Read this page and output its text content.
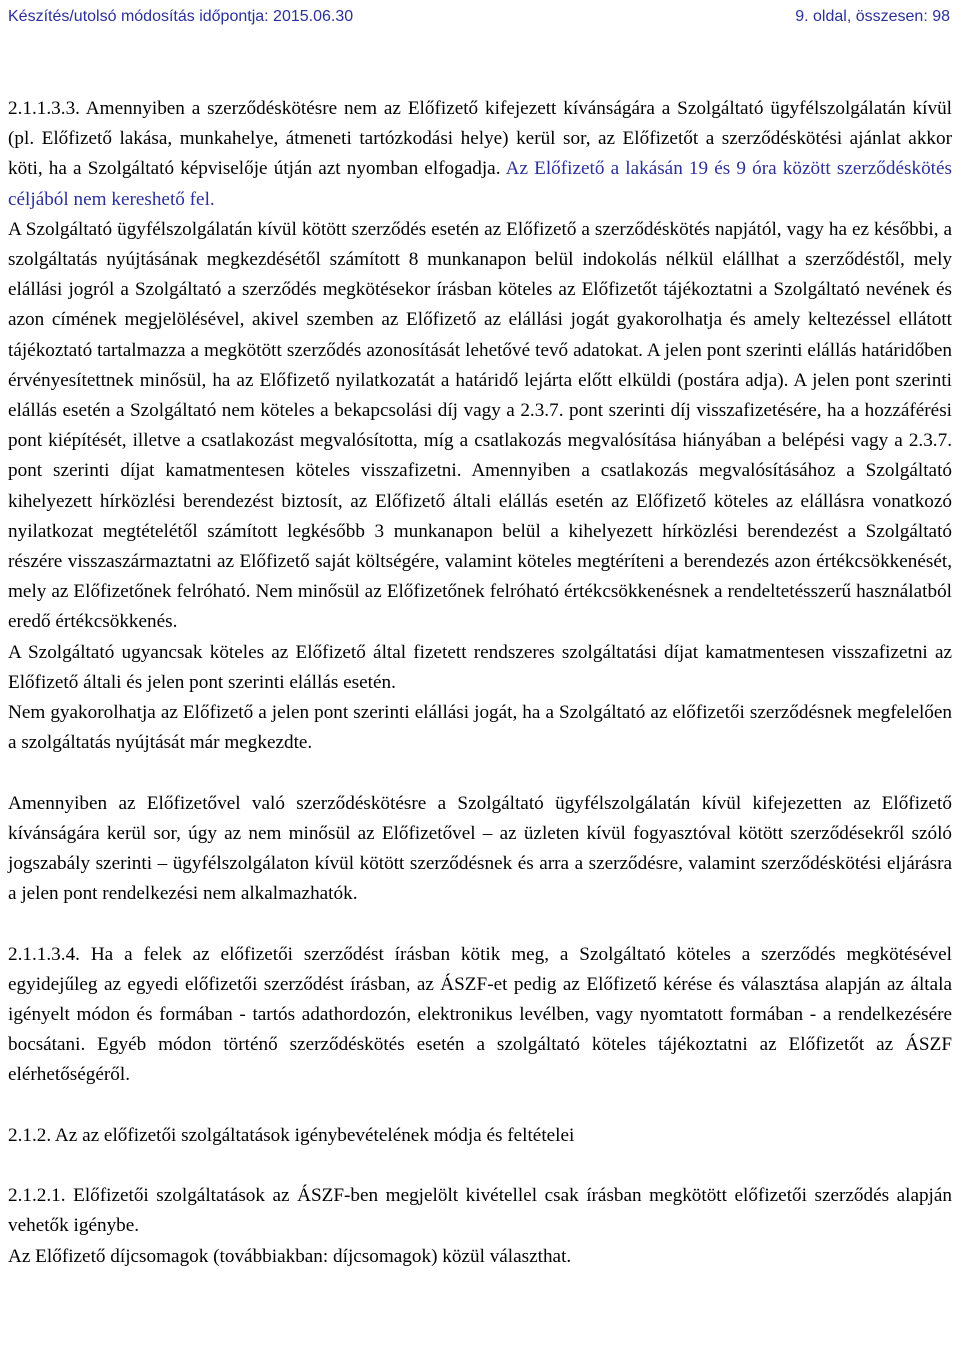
Készítés/utolsó módosítás időpontja: 2015.06.30	9. oldal, összesen: 98

2.1.1.3.3. Amennyiben a szerződéskötésre nem az Előfizető kifejezett kívánságára a Szolgáltató ügyfélszolgálatán kívül (pl. Előfizető lakása, munkahelye, átmeneti tartózkodási helye) kerül sor, az Előfizetőt a szerződéskötési ajánlat akkor köti, ha a Szolgáltató képviselője útján azt nyomban elfogadja. Az Előfizető a lakásán 19 és 9 óra között szerződéskötés céljából nem kereshető fel.

A Szolgáltató ügyfélszolgálatán kívül kötött szerződés esetén az Előfizető a szerződéskötés napjától, vagy ha ez későbbi, a szolgáltatás nyújtásának megkezdésétől számított 8 munkanapon belül indokolás nélkül elállhat a szerződéstől, mely elállási jogról a Szolgáltató a szerződés megkötésekor írásban köteles az Előfizetőt tájékoztatni a Szolgáltató nevének és azon címének megjelölésével, akivel szemben az Előfizető az elállási jogát gyakorolhatja és amely keltezéssel ellátott tájékoztató tartalmazza a megkötött szerződés azonosítását lehetővé tevő adatokat. A jelen pont szerinti elállás határidőben érvényesítettnek minősül, ha az Előfizető nyilatkozatát a határidő lejárta előtt elküldi (postára adja). A jelen pont szerinti elállás esetén a Szolgáltató nem köteles a bekapcsolási díj vagy a 2.3.7. pont szerinti díj visszafizetésére, ha a hozzáférési pont kiépítését, illetve a csatlakozást megvalósította, míg a csatlakozás megvalósítása hiányában a belépési vagy a 2.3.7. pont szerinti díjat kamatmentesen köteles visszafizetni. Amennyiben a csatlakozás megvalósításához a Szolgáltató kihelyezett hírközlési berendezést biztosít, az Előfizető általi elállás esetén az Előfizető köteles az elállásra vonatkozó nyilatkozat megtételétől számított legkésőbb 3 munkanapon belül a kihelyezett hírközlési berendezést a Szolgáltató részére visszaszármaztatni az Előfizető saját költségére, valamint köteles megtéríteni a berendezés azon értékcsökkenését, mely az Előfizetőnek felróható. Nem minősül az Előfizetőnek felróható értékcsökkenésnek a rendeltetésszerű használatból eredő értékcsökkenés.

A Szolgáltató ugyancsak köteles az Előfizető által fizetett rendszeres szolgáltatási díjat kamatmentesen visszafizetni az Előfizető általi és jelen pont szerinti elállás esetén.

Nem gyakorolhatja az Előfizető a jelen pont szerinti elállási jogát, ha a Szolgáltató az előfizetői szerződésnek megfelelően a szolgáltatás nyújtását már megkezdte.

Amennyiben az Előfizetővel való szerződéskötésre a Szolgáltató ügyfélszolgálatán kívül kifejezetten az Előfizető kívánságára kerül sor, úgy az nem minősül az Előfizetővel – az üzleten kívül fogyasztóval kötött szerződésekről szóló jogszabály szerinti – ügyfélszolgálaton kívül kötött szerződésnek és arra a szerződésre, valamint szerződéskötési eljárásra a jelen pont rendelkezési nem alkalmazhatók.

2.1.1.3.4. Ha a felek az előfizetői szerződést írásban kötik meg, a Szolgáltató köteles a szerződés megkötésével egyidejűleg az egyedi előfizetői szerződést írásban, az ÁSZF-et pedig az Előfizető kérése és választása alapján az általa igényelt módon és formában - tartós adathordozón, elektronikus levélben, vagy nyomtatott formában - a rendelkezésére bocsátani. Egyéb módon történő szerződéskötés esetén a szolgáltató köteles tájékoztatni az Előfizetőt az ÁSZF elérhetőségéről.

2.1.2. Az az előfizetői szolgáltatások igénybevételének módja és feltételei

2.1.2.1. Előfizetői szolgáltatások az ÁSZF-ben megjelölt kivétellel csak írásban megkötött előfizetői szerződés alapján vehetők igénybe.

Az Előfizető díjcsomagok (továbbiakban: díjcsomagok) közül választhat.
